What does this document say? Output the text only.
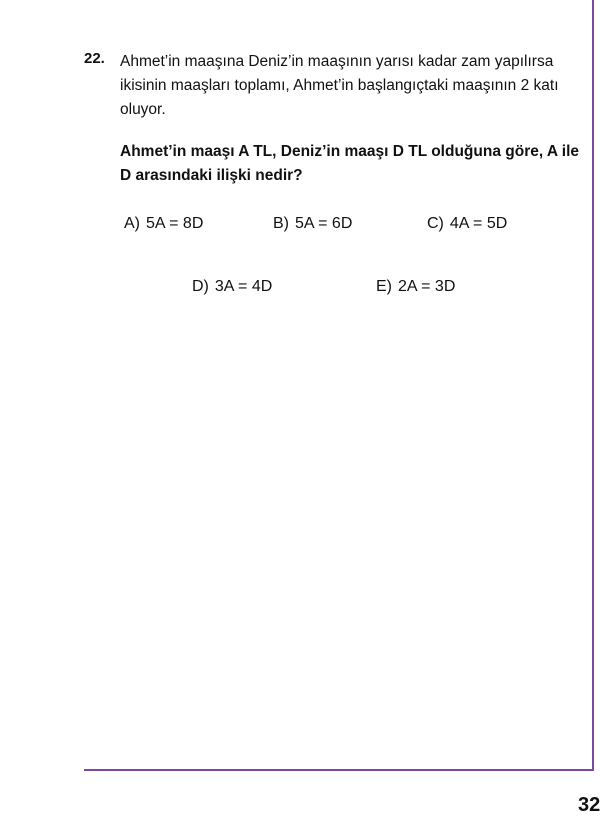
22. Ahmet’in maaşına Deniz’in maaşının yarısı kadar zam yapılırsa ikisinin maaşları toplamı, Ahmet’in başlangıçtaki maaşının 2 katı oluyor.
Ahmet’in maaşı A TL, Deniz’in maaşı D TL olduğuna göre, A ile D arasındaki ilişki nedir?
A) 5A = 8D	B) 5A = 6D	C) 4A = 5D
D) 3A = 4D	E) 2A = 3D
32
